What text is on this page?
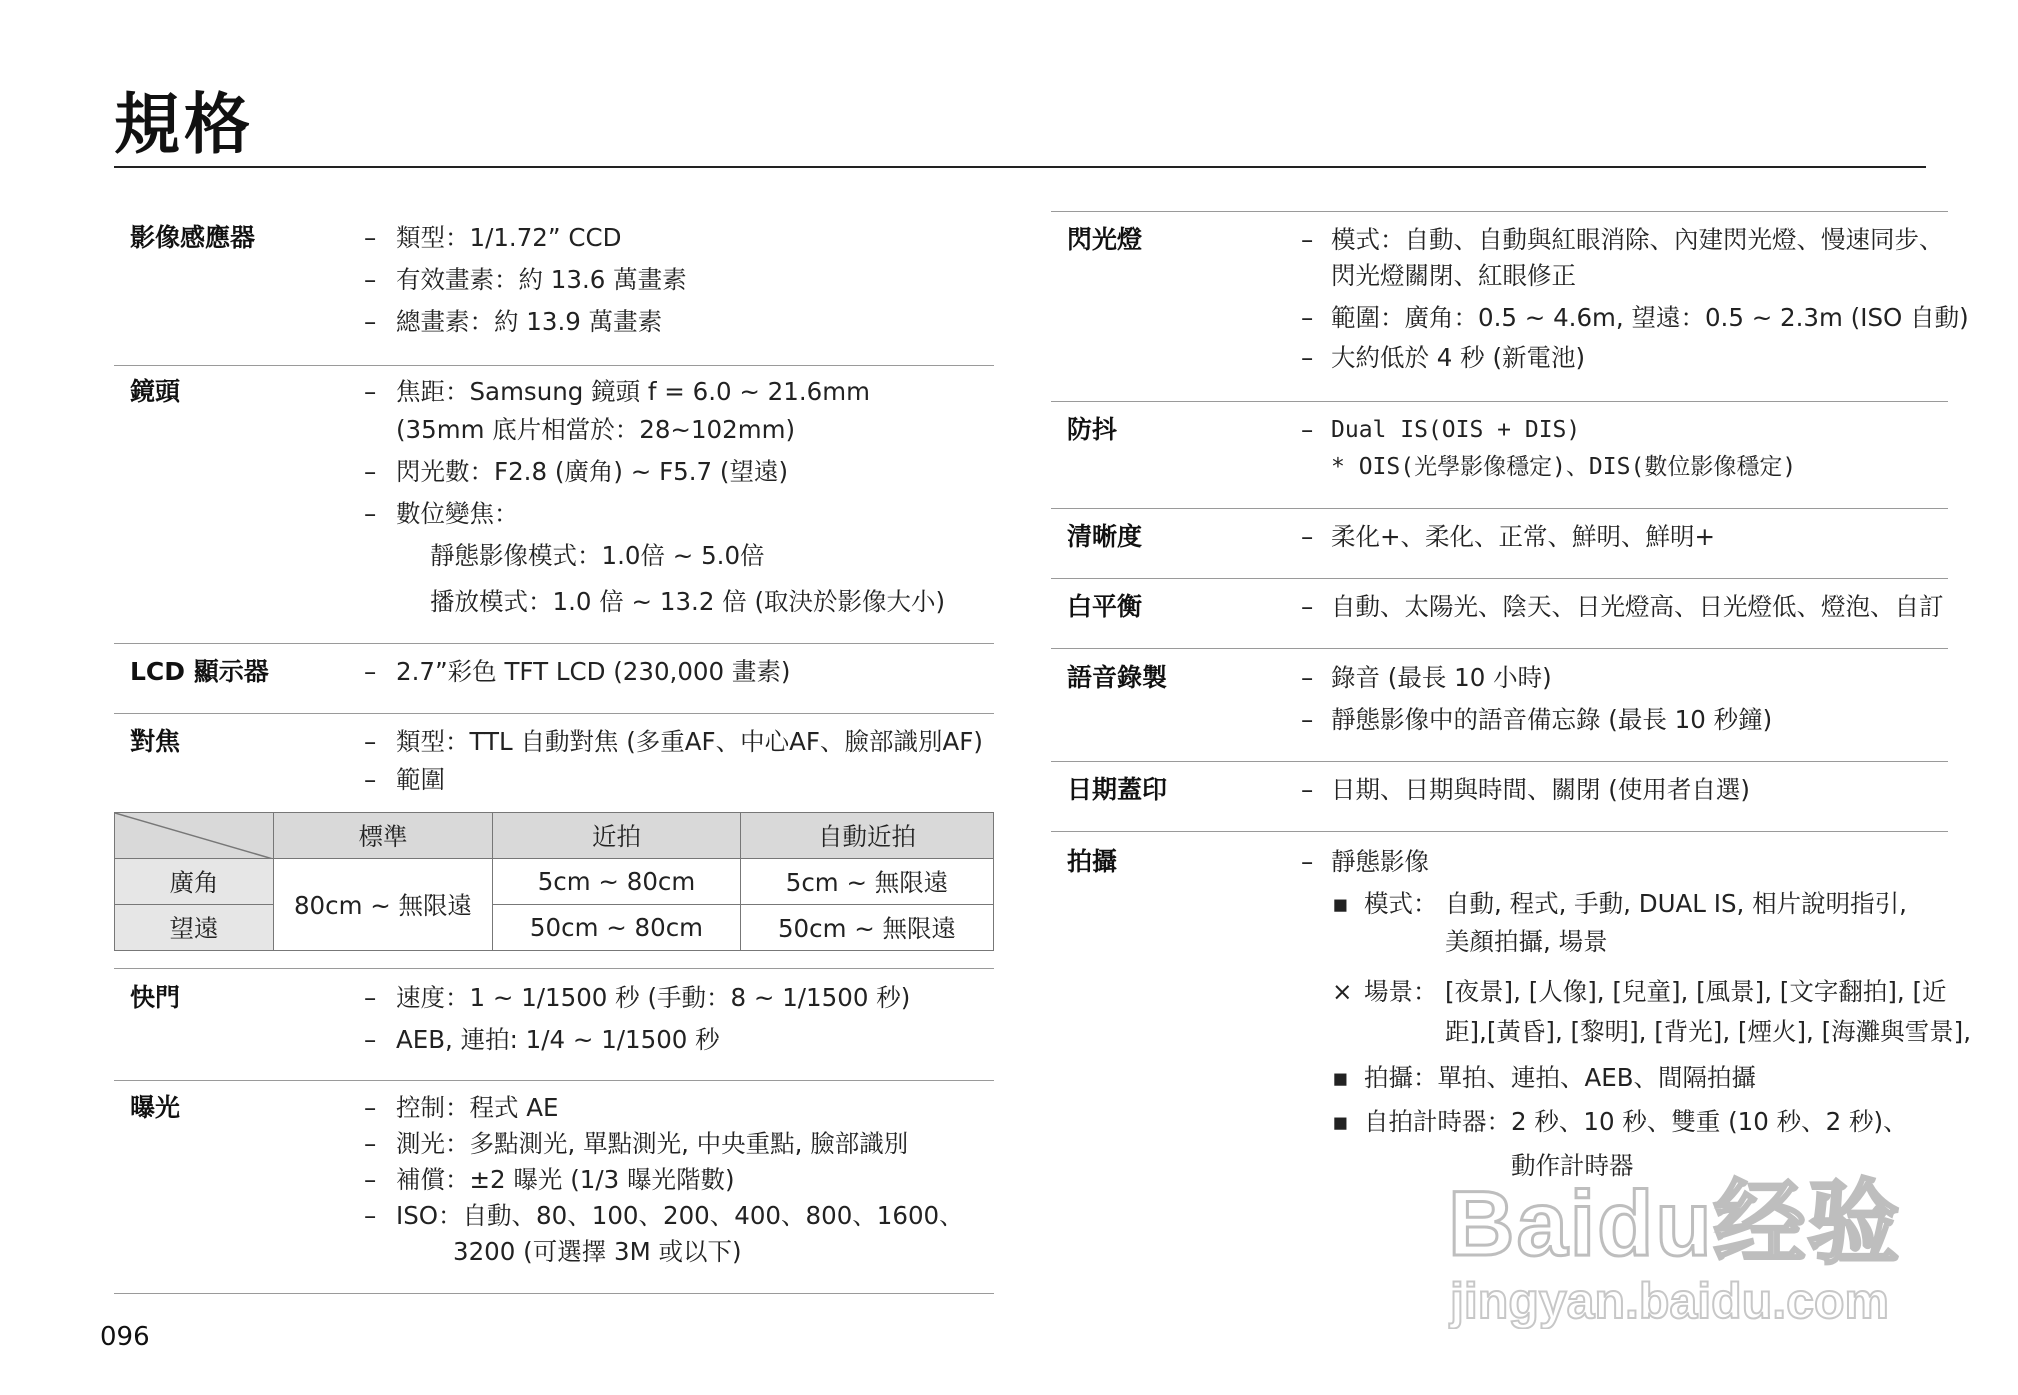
規格
影像感應器	– 類型：1/1.72” CCD
– 有效畫素：約 13.6 萬畫素
– 總畫素：約 13.9 萬畫素
鏡頭	– 焦距：Samsung 鏡頭 f = 6.0 ~ 21.6mm
(35mm 底片相當於：28~102mm)
– 閃光數：F2.8 (廣角) ~ F5.7 (望遠)
– 數位變焦：
靜態影像模式：1.0倍 ~ 5.0倍
播放模式：1.0 倍 ~ 13.2 倍 (取決於影像大小)
LCD 顯示器	– 2.7”彩色 TFT LCD (230,000 畫素)
對焦	– 類型：TTL 自動對焦 (多重AF、中心AF、臉部識別AF)
– 範圍
	標準	近拍	自動近拍
廣角	80cm ~ 無限遠	5cm ~ 80cm	5cm ~ 無限遠
望遠		50cm ~ 80cm	50cm ~ 無限遠
快門	– 速度：1 ~ 1/1500 秒 (手動：8 ~ 1/1500 秒)
– AEB, 連拍: 1/4 ~ 1/1500 秒
曝光	– 控制：程式 AE
– 測光：多點測光, 單點測光, 中央重點, 臉部識別
– 補償：±2 曝光 (1/3 曝光階數)
– ISO：自動、80、100、200、400、800、1600、
3200 (可選擇 3M 或以下)
閃光燈	– 模式：自動、自動與紅眼消除、內建閃光燈、慢速同步、
閃光燈關閉、紅眼修正
– 範圍：廣角：0.5 ~ 4.6m, 望遠：0.5 ~ 2.3m (ISO 自動)
– 大約低於 4 秒 (新電池)
防抖	– Dual IS(OIS + DIS)
* OIS(光學影像穩定)、DIS(數位影像穩定)
清晰度	– 柔化+、柔化、正常、鮮明、鮮明+
白平衡	– 自動、太陽光、陰天、日光燈高、日光燈低、燈泡、自訂
語音錄製	– 錄音 (最長 10 小時)
– 靜態影像中的語音備忘錄 (最長 10 秒鐘)
日期蓋印	– 日期、日期與時間、關閉 (使用者自選)
拍攝	– 靜態影像
▪ 模式： 自動, 程式, 手動, DUAL IS, 相片說明指引,
美顏拍攝, 場景
× 場景： [夜景], [人像], [兒童], [風景], [文字翻拍], [近
距],[黃昏], [黎明], [背光], [煙火], [海灘與雪景],
▪ 拍攝：單拍、連拍、AEB、間隔拍攝
▪ 自拍計時器：2 秒、10 秒、雙重 (10 秒、2 秒)、
動作計時器
096
Baidu经验
jingyan.baidu.com
